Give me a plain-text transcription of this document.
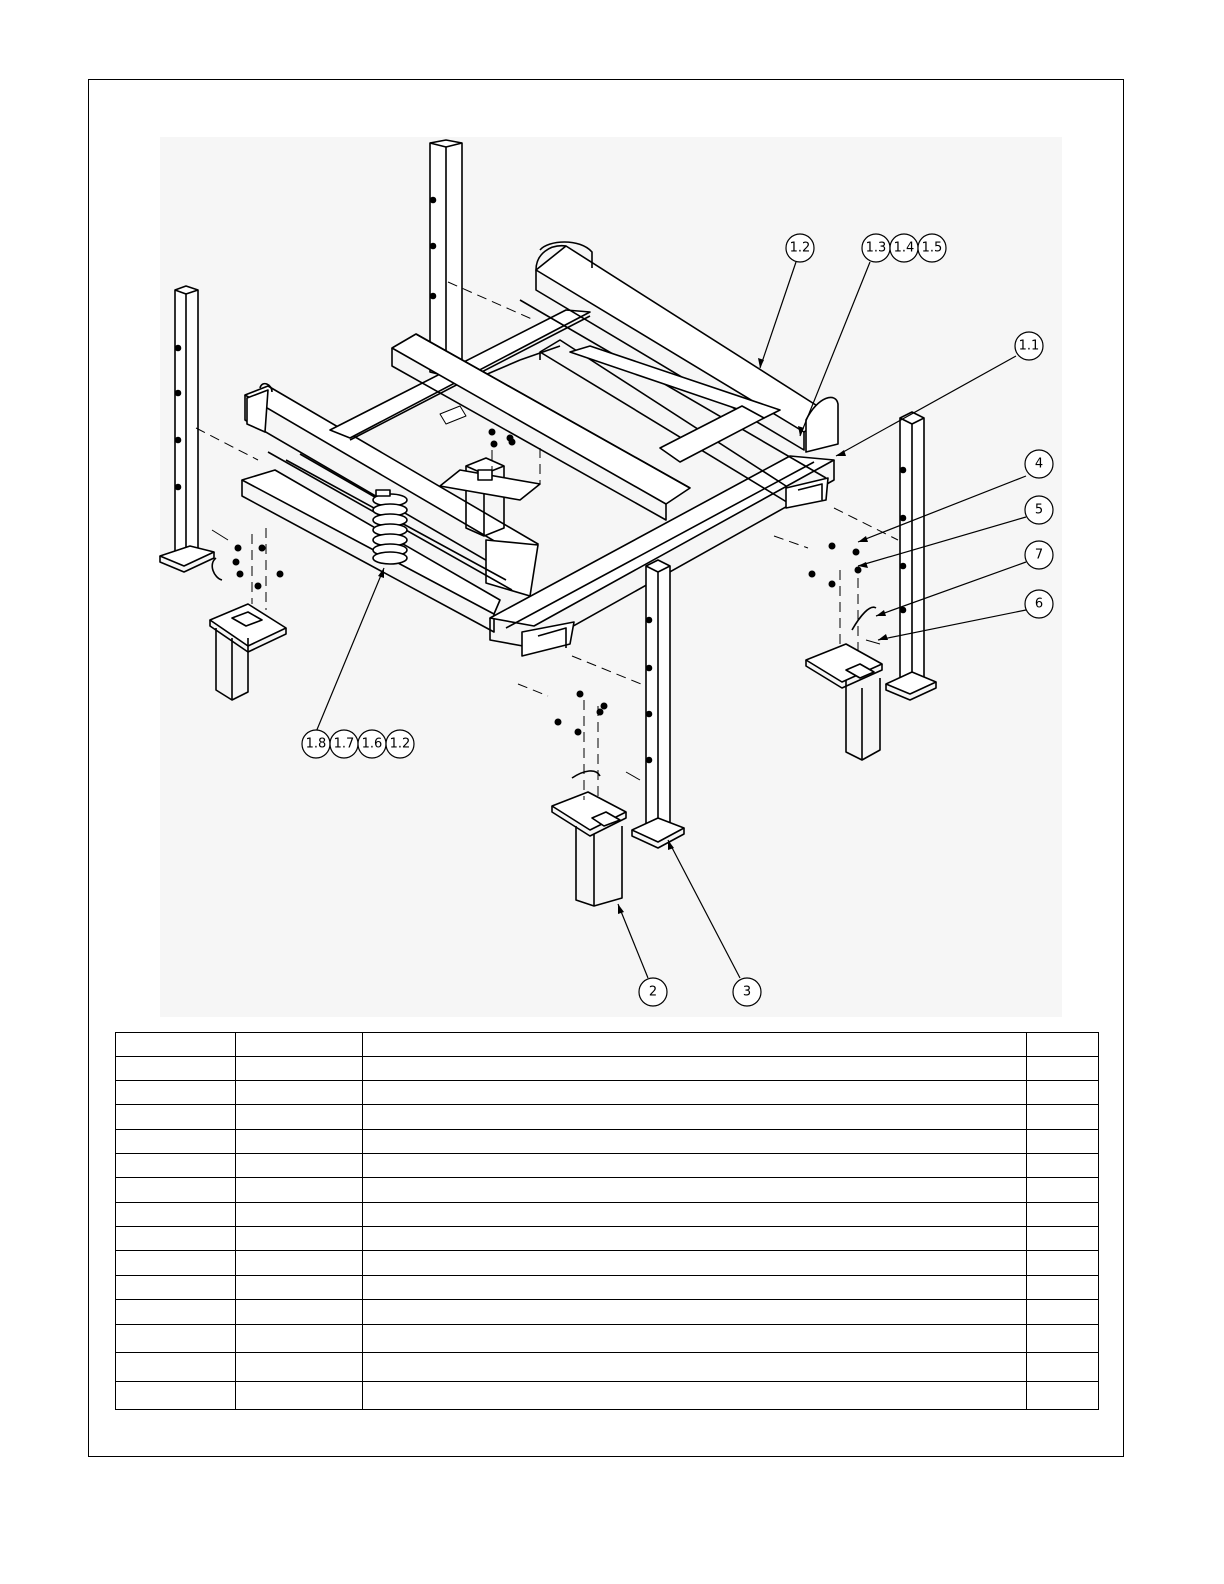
1.2	1.3 1.4 1.5
1.1
4
5
7
6
1.8 1.7 1.6 1.2
2	3
